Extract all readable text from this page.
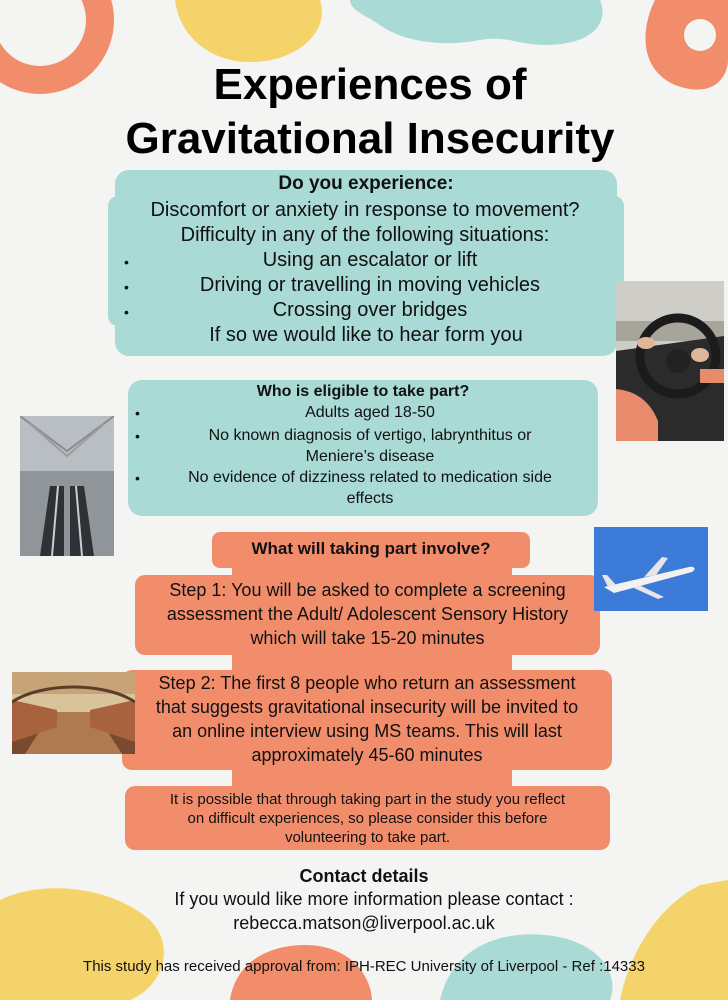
Experiences of
Gravitational Insecurity
Do you experience:
Discomfort or anxiety in response to movement?
Difficulty in any of the following situations:
•	Using an escalator or lift
•	Driving or travelling in moving vehicles
•	Crossing over bridges
If so we would like to hear form you
Who is eligible to take part?
•	Adults aged 18-50
•	No known diagnosis of vertigo, labrynthitus or
Meniere’s disease
•	No evidence of dizziness related to medication side
effects
What will taking part involve?
Step 1: You will be asked to complete a screening
assessment the Adult/ Adolescent Sensory History
which will take 15-20 minutes
Step 2: The first 8 people who return an assessment
that suggests gravitational insecurity will be invited to
an online interview using MS teams. This will last
approximately 45-60 minutes
It is possible that through taking part in the study you reflect
on difficult experiences, so please consider this before
volunteering to take part.
Contact details
If you would like more information please contact :
rebecca.matson@liverpool.ac.uk
This study has received approval from: IPH-REC University of Liverpool - Ref :14333
